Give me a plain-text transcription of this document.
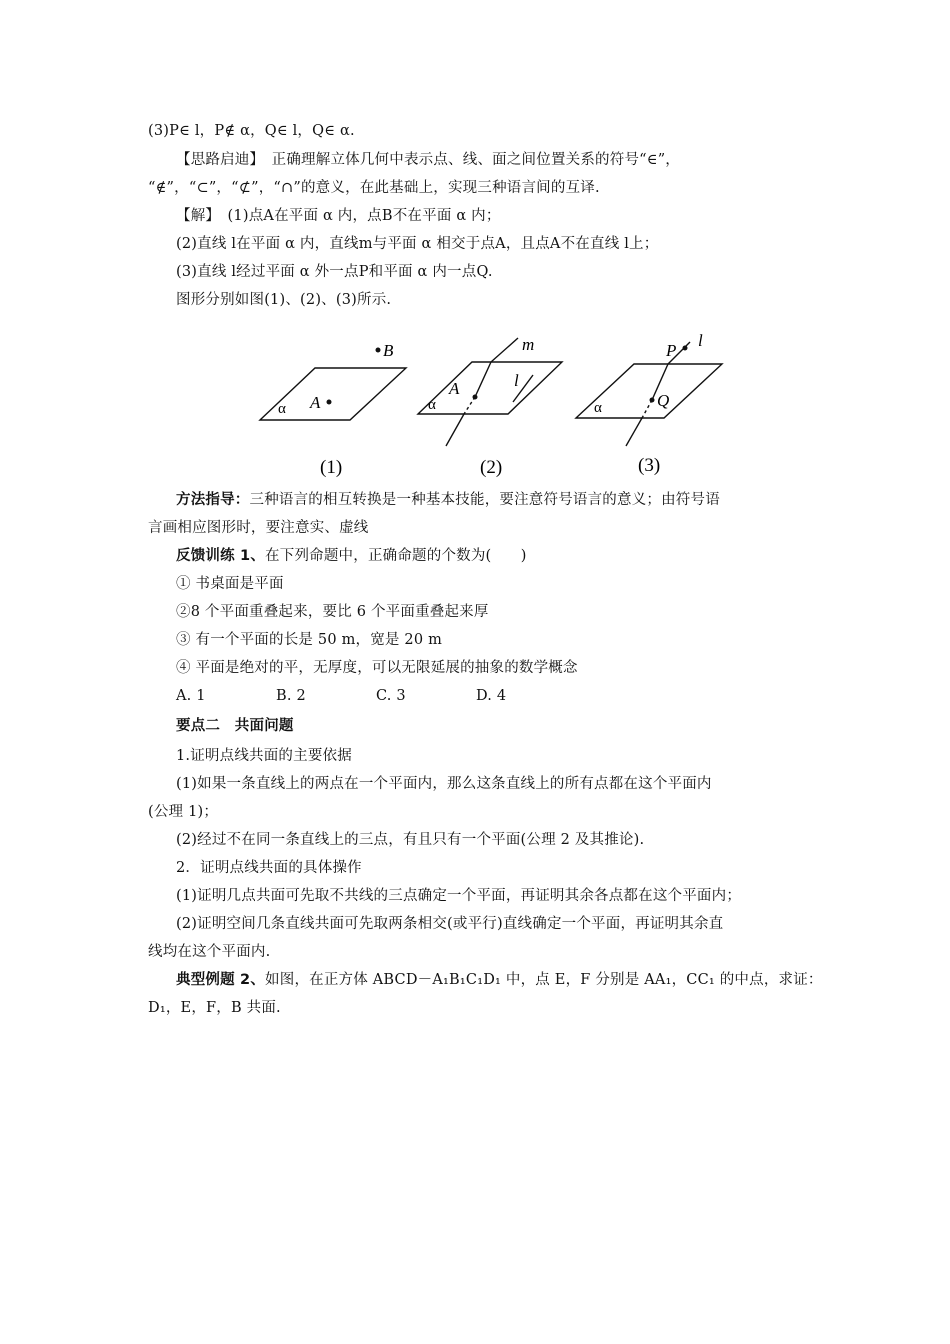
(3)P∈ l，P∉ α，Q∈ l，Q∈ α.
【思路启迪】　正确理解立体几何中表示点、线、面之间位置关系的符号“∈”，
“∉”，“⊂”，“⊄”，“∩”的意义，在此基础上，实现三种语言间的互译.
【解】　(1)点A在平面 α 内，点B不在平面 α 内；
(2)直线 l在平面 α 内，直线m与平面 α 相交于点A，且点A不在直线 l上；
(3)直线 l经过平面 α 外一点P和平面 α 内一点Q.
图形分别如图(1)、(2)、(3)所示.
α A
B
(1)
m
l
α
A
(2)
P
l
Q
α
(3)
方法指导：三种语言的相互转换是一种基本技能，要注意符号语言的意义；由符号语
言画相应图形时，要注意实、虚线
反馈训练 1、在下列命题中，正确命题的个数为(　　)
① 书桌面是平面
②8 个平面重叠起来，要比 6 个平面重叠起来厚
③ 有一个平面的长是 50 m，宽是 20 m
④ 平面是绝对的平，无厚度，可以无限延展的抽象的数学概念
A. 1	B. 2	C. 3	D. 4
要点二　共面问题
1.证明点线共面的主要依据
(1)如果一条直线上的两点在一个平面内，那么这条直线上的所有点都在这个平面内
(公理 1)；
(2)经过不在同一条直线上的三点，有且只有一个平面(公理 2 及其推论).
2．证明点线共面的具体操作
(1)证明几点共面可先取不共线的三点确定一个平面，再证明其余各点都在这个平面内；
(2)证明空间几条直线共面可先取两条相交(或平行)直线确定一个平面，再证明其余直
线均在这个平面内.
典型例题 2、如图，在正方体 ABCD－A₁B₁C₁D₁ 中，点 E，F 分别是 AA₁，CC₁ 的中点，求证：
D₁，E，F，B 共面.
